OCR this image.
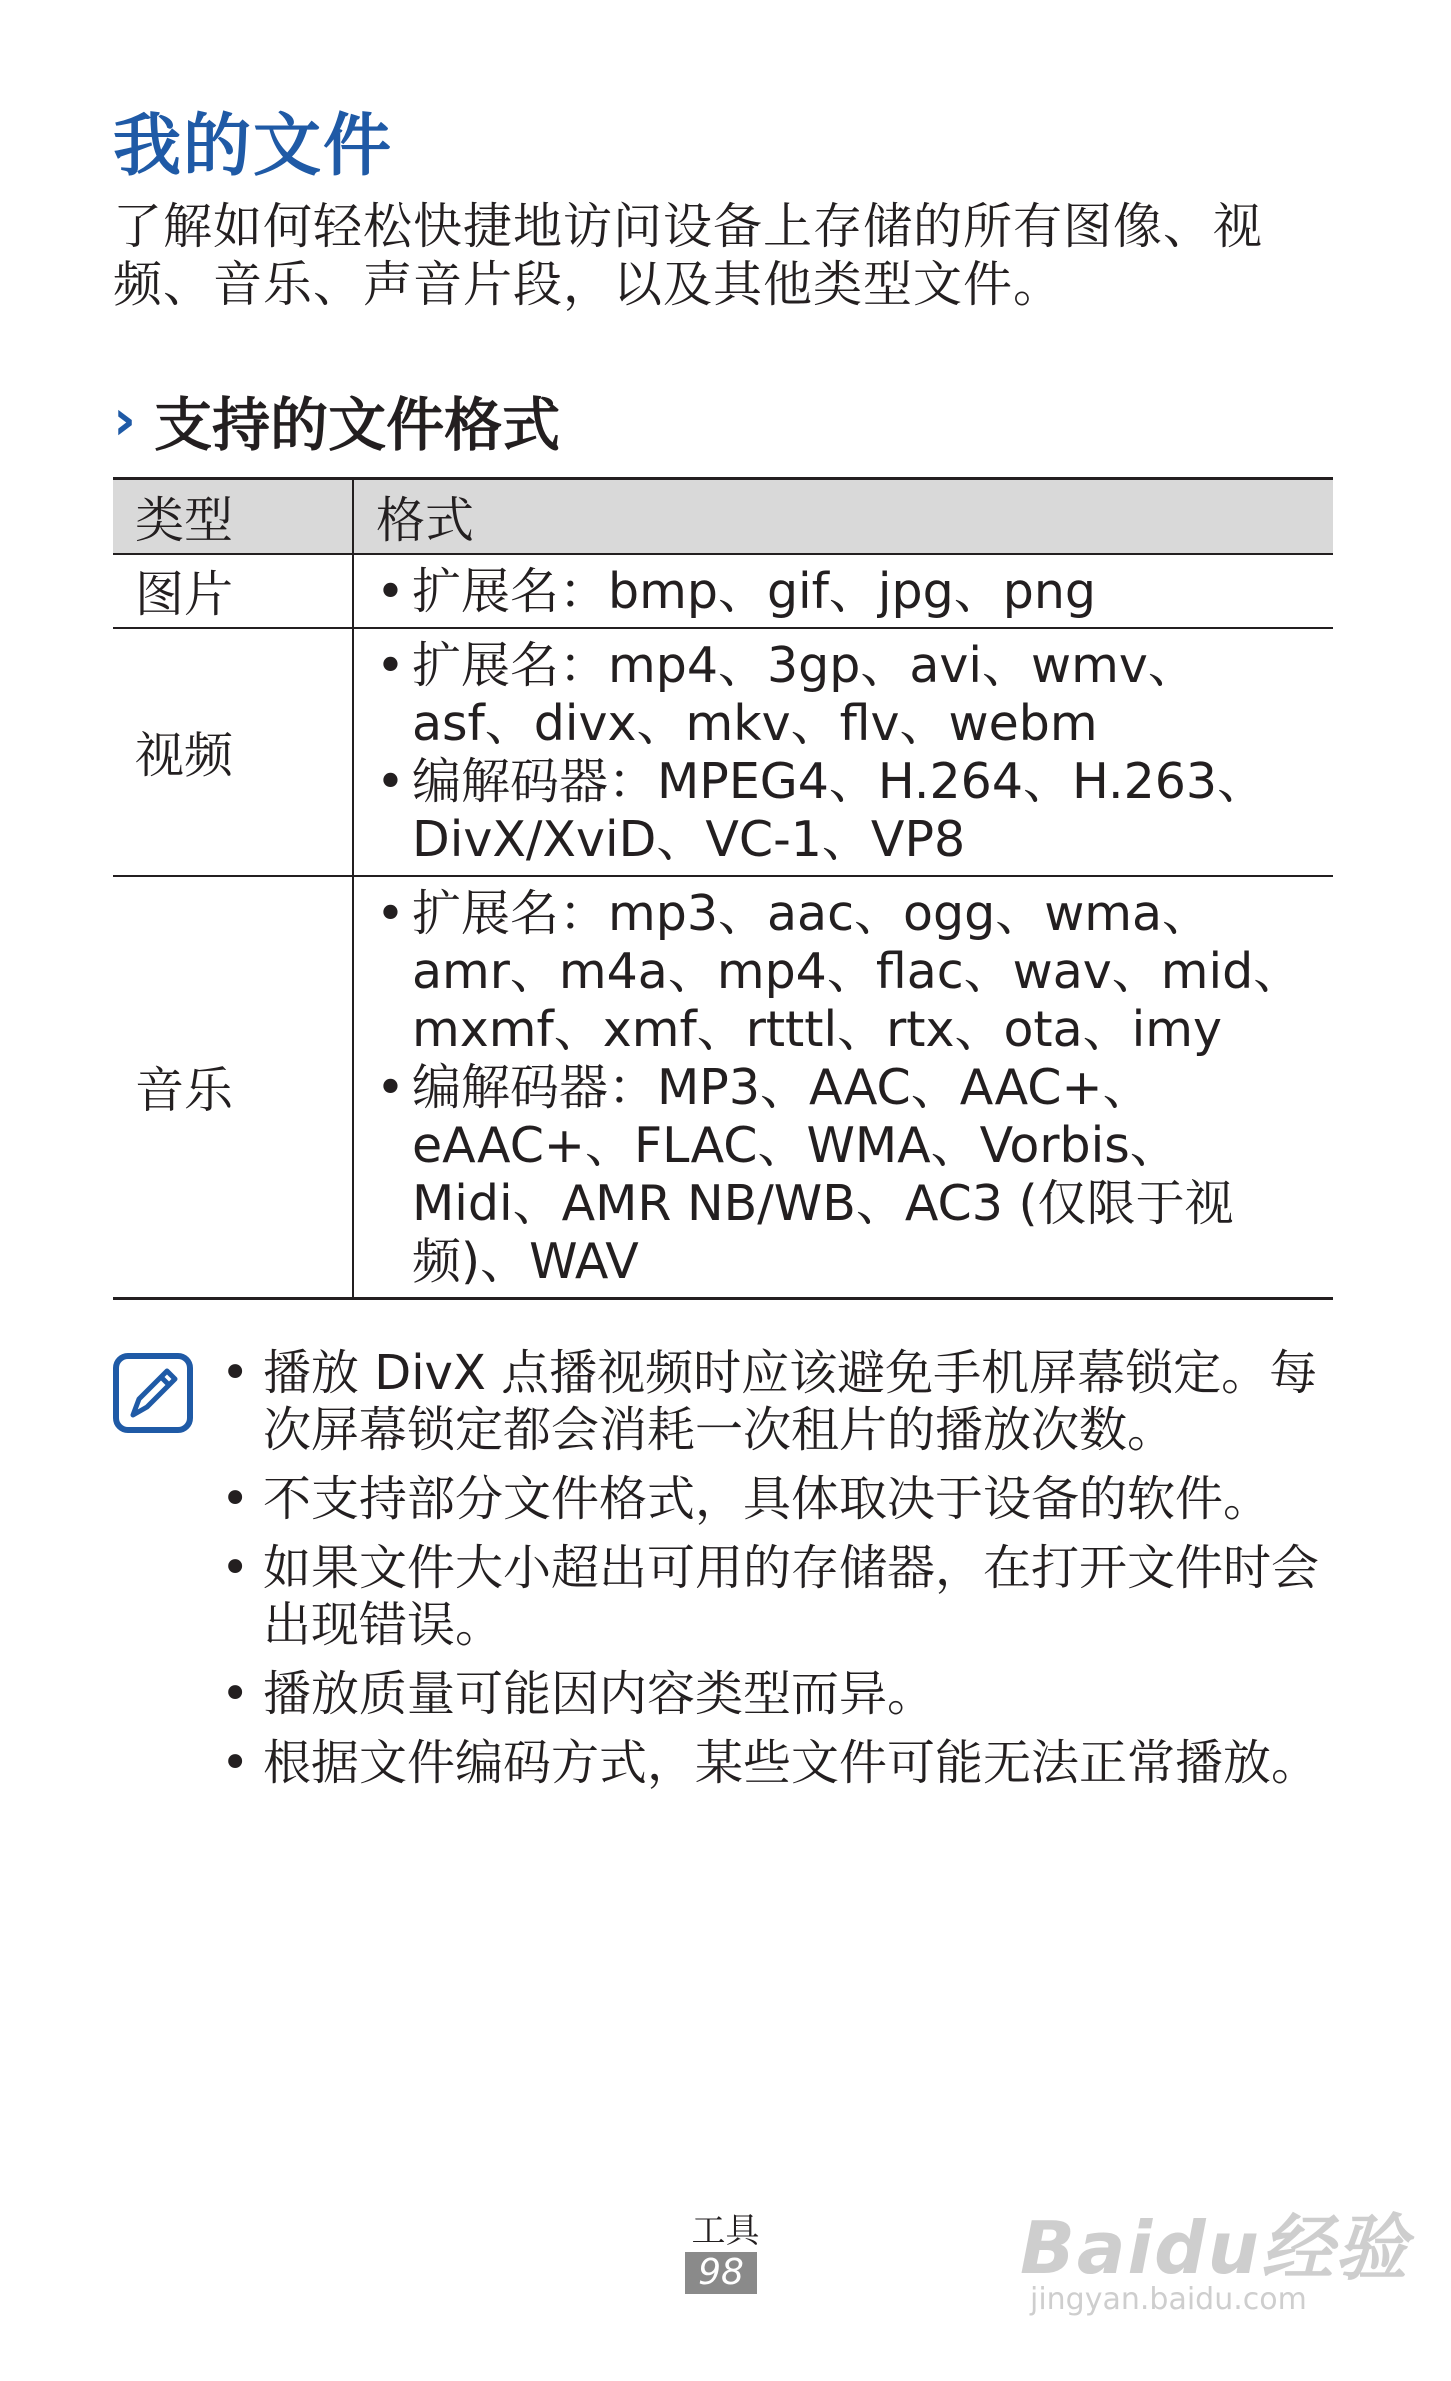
我的文件
了解如何轻松快捷地访问设备上存储的所有图像、视频、音乐、声音片段，以及其他类型文件。
› 支持的文件格式
类型	格式
图片	• 扩展名：bmp、gif、jpg、png

视频	• 扩展名：mp4、3gp、avi、wmv、asf、divx、mkv、flv、webm
• 编解码器：MPEG4、H.264、H.263、DivX/XviD、VC-1、VP8

音乐	• 扩展名：mp3、aac、ogg、wma、amr、m4a、mp4、flac、wav、mid、mxmf、xmf、rtttl、rtx、ota、imy
• 编解码器：MP3、AAC、AAC+、eAAC+、FLAC、WMA、Vorbis、Midi、AMR NB/WB、AC3 (仅限于视频)、WAV
• 播放 DivX 点播视频时应该避免手机屏幕锁定。每次屏幕锁定都会消耗一次租片的播放次数。
• 不支持部分文件格式，具体取决于设备的软件。
• 如果文件大小超出可用的存储器，在打开文件时会出现错误。
• 播放质量可能因内容类型而异。
• 根据文件编码方式，某些文件可能无法正常播放。
工具
98	Baidu经验
jingyan.baidu.com
